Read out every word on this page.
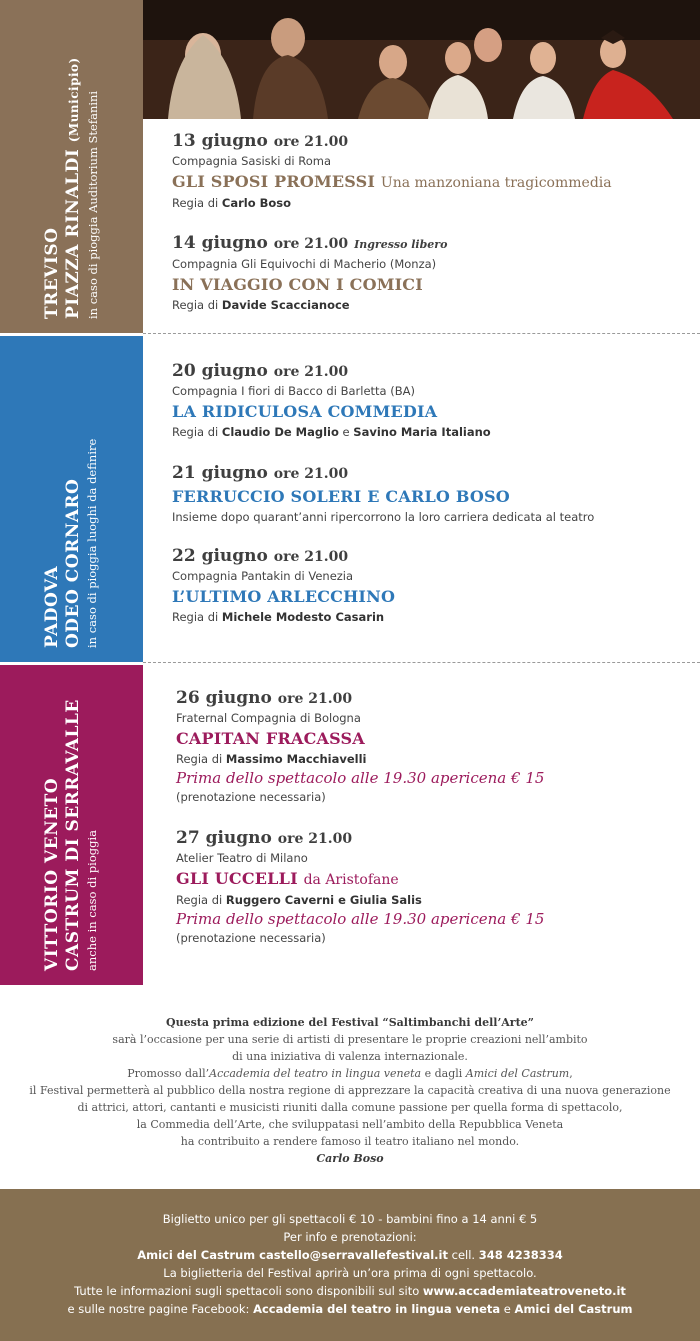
TREVISO PIAZZA RINALDI (Municipio) in caso di pioggia Auditorium Stefanini	13 giugno ore 21.00
Compagnia Sasiski di Roma
GLI SPOSI PROMESSI Una manzoniana tragicommedia
Regia di Carlo Boso
14 giugno ore 21.00 Ingresso libero
Compagnia Gli Equivochi di Macherio (Monza)
IN VIAGGIO CON I COMICI
Regia di Davide Scaccianoce
PADOVA ODEO CORNARO in caso di pioggia luoghi da definire
20 giugno ore 21.00
Compagnia I fiori di Bacco di Barletta (BA)
LA RIDICULOSA COMMEDIA
Regia di Claudio De Maglio e Savino Maria Italiano
21 giugno ore 21.00
FERRUCCIO SOLERI E CARLO BOSO
Insieme dopo quarant’anni ripercorrono la loro carriera dedicata al teatro
22 giugno ore 21.00
Compagnia Pantakin di Venezia
L’ULTIMO ARLECCHINO
Regia di Michele Modesto Casarin
VITTORIO VENETO CASTRUM DI SERRAVALLE anche in caso di pioggia
26 giugno ore 21.00
Fraternal Compagnia di Bologna
CAPITAN FRACASSA
Regia di Massimo Macchiavelli
Prima dello spettacolo alle 19.30 apericena € 15
(prenotazione necessaria)
27 giugno ore 21.00
Atelier Teatro di Milano
GLI UCCELLI da Aristofane
Regia di Ruggero Caverni e Giulia Salis
Prima dello spettacolo alle 19.30 apericena € 15
(prenotazione necessaria)
Questa prima edizione del Festival “Saltimbanchi dell’Arte”
sarà l’occasione per una serie di artisti di presentare le proprie creazioni nell’ambito
di una iniziativa di valenza internazionale.
Promosso dall’Accademia del teatro in lingua veneta e dagli Amici del Castrum,
il Festival permetterà al pubblico della nostra regione di apprezzare la capacità creativa di una nuova generazione
di attrici, attori, cantanti e musicisti riuniti dalla comune passione per quella forma di spettacolo,
la Commedia dell’Arte, che sviluppatasi nell’ambito della Repubblica Veneta
ha contribuito a rendere famoso il teatro italiano nel mondo.
Carlo Boso
Biglietto unico per gli spettacoli € 10 - bambini fino a 14 anni € 5
Per info e prenotazioni:
Amici del Castrum castello@serravallefestival.it cell. 348 4238334
La biglietteria del Festival aprirà un’ora prima di ogni spettacolo.
Tutte le informazioni sugli spettacoli sono disponibili sul sito www.accademiateatroveneto.it
e sulle nostre pagine Facebook: Accademia del teatro in lingua veneta e Amici del Castrum
